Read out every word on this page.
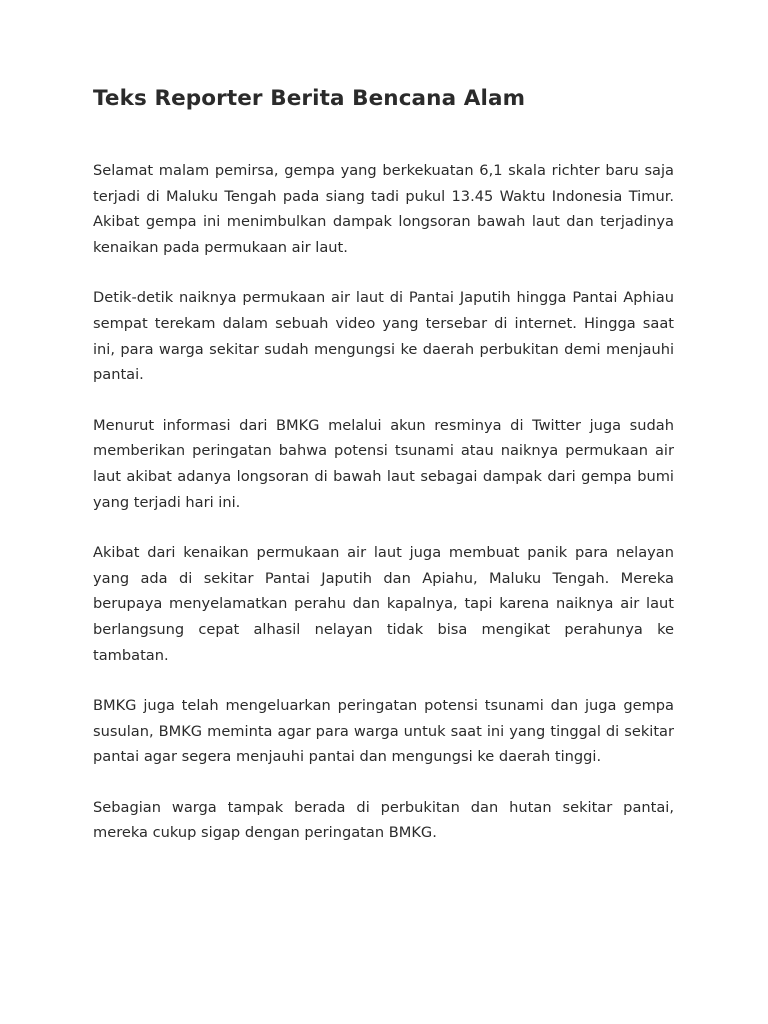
Teks Reporter Berita Bencana Alam

Selamat malam pemirsa, gempa yang berkekuatan 6,1 skala richter baru saja terjadi di Maluku Tengah pada siang tadi pukul 13.45 Waktu Indonesia Timur. Akibat gempa ini menimbulkan dampak longsoran bawah laut dan terjadinya kenaikan pada permukaan air laut.

Detik-detik naiknya permukaan air laut di Pantai Japutih hingga Pantai Aphiau sempat terekam dalam sebuah video yang tersebar di internet. Hingga saat ini, para warga sekitar sudah mengungsi ke daerah perbukitan demi menjauhi pantai.

Menurut informasi dari BMKG melalui akun resminya di Twitter juga sudah memberikan peringatan bahwa potensi tsunami atau naiknya permukaan air laut akibat adanya longsoran di bawah laut sebagai dampak dari gempa bumi yang terjadi hari ini.

Akibat dari kenaikan permukaan air laut juga membuat panik para nelayan yang ada di sekitar Pantai Japutih dan Apiahu, Maluku Tengah. Mereka berupaya menyelamatkan perahu dan kapalnya, tapi karena naiknya air laut berlangsung cepat alhasil nelayan tidak bisa mengikat perahunya ke tambatan.

BMKG juga telah mengeluarkan peringatan potensi tsunami dan juga gempa susulan, BMKG meminta agar para warga untuk saat ini yang tinggal di sekitar pantai agar segera menjauhi pantai dan mengungsi ke daerah tinggi.

Sebagian warga tampak berada di perbukitan dan hutan sekitar pantai, mereka cukup sigap dengan peringatan BMKG.
